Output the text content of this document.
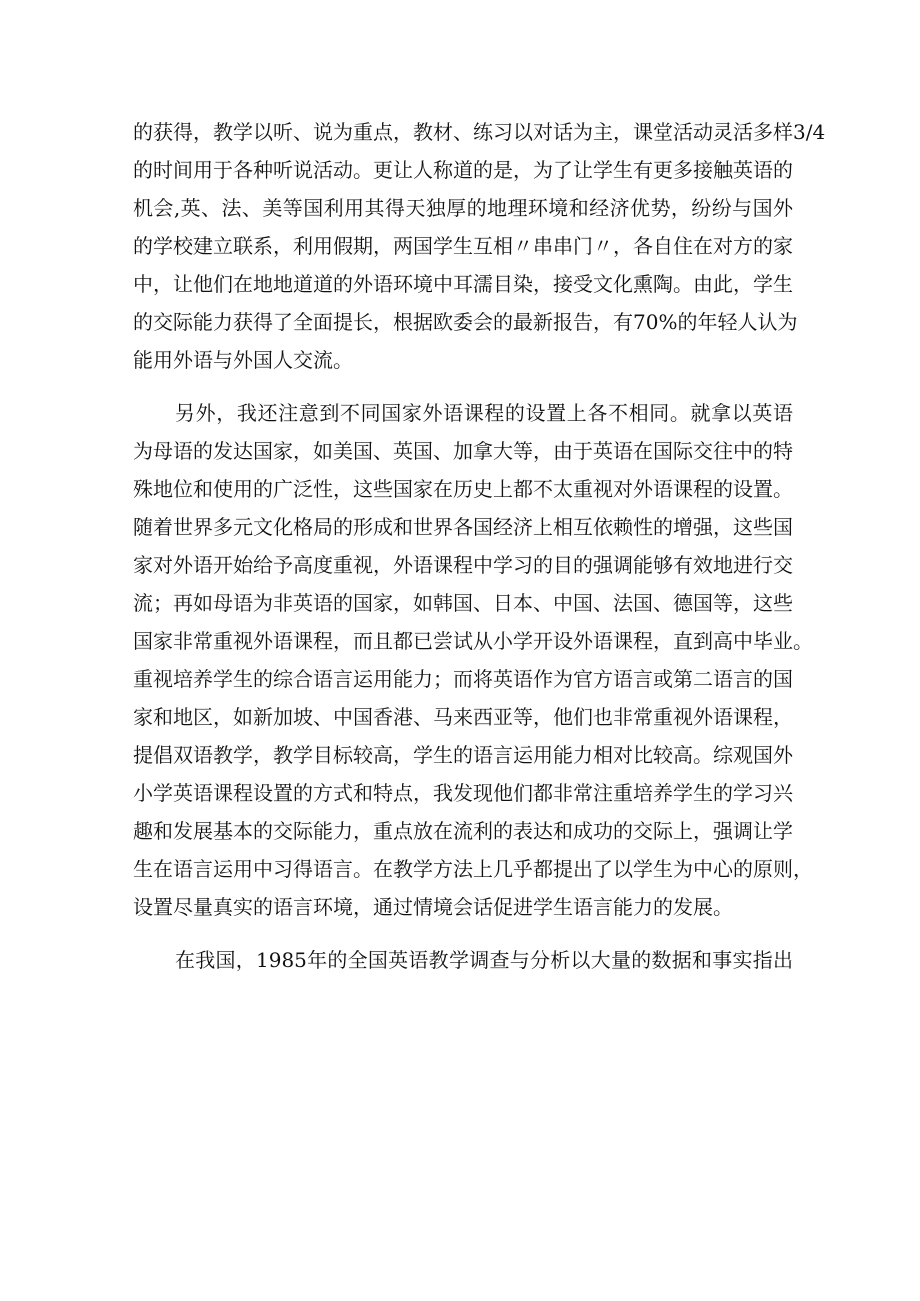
的获得，教学以听、说为重点，教材、练习以对话为主，课堂活动灵活多样3/4
的时间用于各种听说活动。更让人称道的是，为了让学生有更多接触英语的
机会,英、法、美等国利用其得天独厚的地理环境和经济优势，纷纷与国外
的学校建立联系，利用假期，两国学生互相〃串串门〃，各自住在对方的家
中，让他们在地地道道的外语环境中耳濡目染，接受文化熏陶。由此，学生
的交际能力获得了全面提长，根据欧委会的最新报告，有70%的年轻人认为
能用外语与外国人交流。

另外，我还注意到不同国家外语课程的设置上各不相同。就拿以英语
为母语的发达国家，如美国、英国、加拿大等，由于英语在国际交往中的特
殊地位和使用的广泛性，这些国家在历史上都不太重视对外语课程的设置。
随着世界多元文化格局的形成和世界各国经济上相互依赖性的增强，这些国
家对外语开始给予高度重视，外语课程中学习的目的强调能够有效地进行交
流；再如母语为非英语的国家，如韩国、日本、中国、法国、德国等，这些
国家非常重视外语课程，而且都已尝试从小学开设外语课程，直到高中毕业。
重视培养学生的综合语言运用能力；而将英语作为官方语言或第二语言的国
家和地区，如新加坡、中国香港、马来西亚等，他们也非常重视外语课程，
提倡双语教学，教学目标较高，学生的语言运用能力相对比较高。综观国外
小学英语课程设置的方式和特点，我发现他们都非常注重培养学生的学习兴
趣和发展基本的交际能力，重点放在流利的表达和成功的交际上，强调让学
生在语言运用中习得语言。在教学方法上几乎都提出了以学生为中心的原则，
设置尽量真实的语言环境，通过情境会话促进学生语言能力的发展。

在我国，1985年的全国英语教学调查与分析以大量的数据和事实指出
